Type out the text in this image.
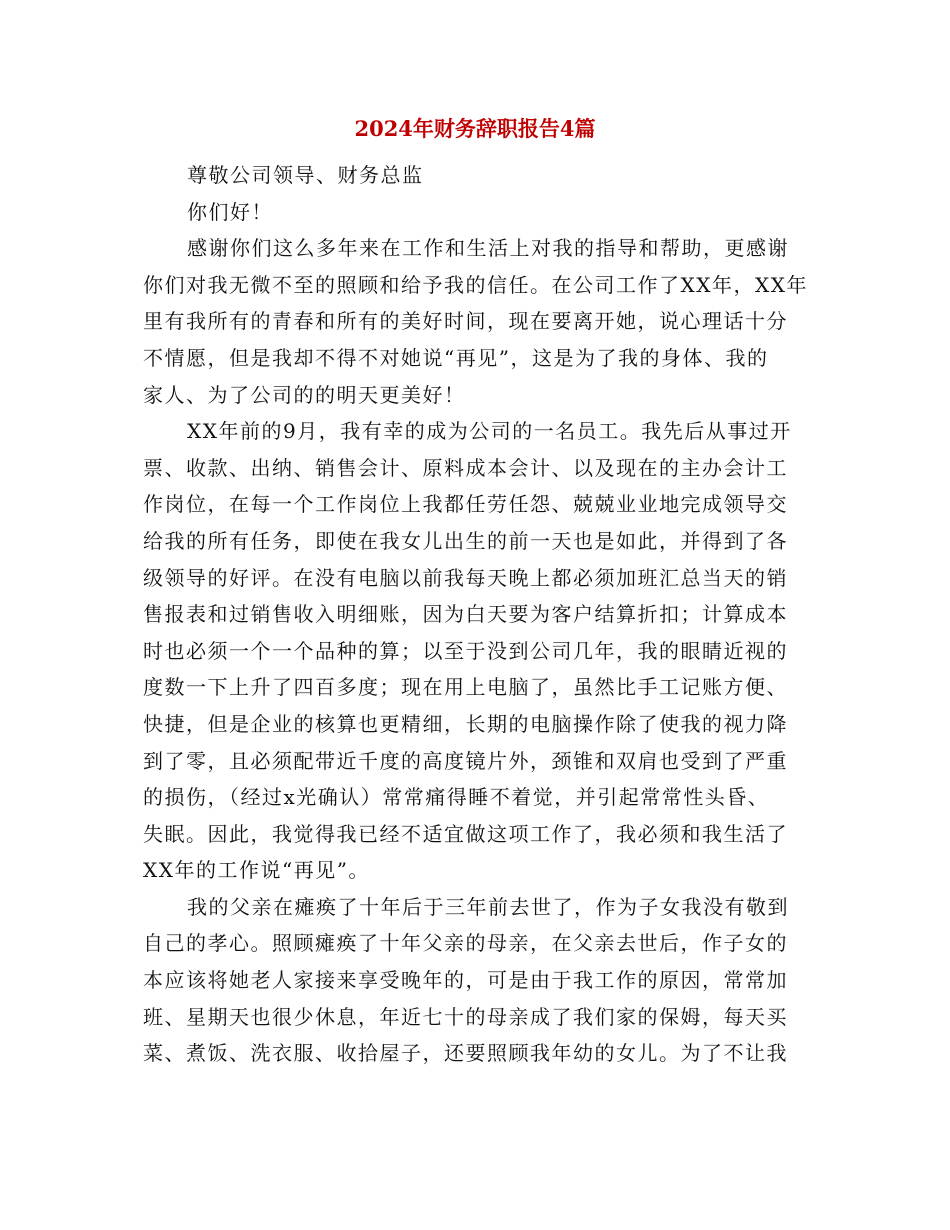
2024年财务辞职报告4篇
尊敬公司领导、财务总监
你们好！
感谢你们这么多年来在工作和生活上对我的指导和帮助，更感谢
你们对我无微不至的照顾和给予我的信任。在公司工作了XX年，XX年
里有我所有的青春和所有的美好时间，现在要离开她，说心理话十分
不情愿，但是我却不得不对她说“再见”，这是为了我的身体、我的
家人、为了公司的的明天更美好！
XX年前的9月，我有幸的成为公司的一名员工。我先后从事过开
票、收款、出纳、销售会计、原料成本会计、以及现在的主办会计工
作岗位，在每一个工作岗位上我都任劳任怨、兢兢业业地完成领导交
给我的所有任务，即使在我女儿出生的前一天也是如此，并得到了各
级领导的好评。在没有电脑以前我每天晚上都必须加班汇总当天的销
售报表和过销售收入明细账，因为白天要为客户结算折扣；计算成本
时也必须一个一个品种的算；以至于没到公司几年，我的眼睛近视的
度数一下上升了四百多度；现在用上电脑了，虽然比手工记账方便、
快捷，但是企业的核算也更精细，长期的电脑操作除了使我的视力降
到了零，且必须配带近千度的高度镜片外，颈锥和双肩也受到了严重
的损伤，（经过x光确认）常常痛得睡不着觉，并引起常常性头昏、
失眠。因此，我觉得我已经不适宜做这项工作了，我必须和我生活了
XX年的工作说“再见”。
我的父亲在瘫痪了十年后于三年前去世了，作为子女我没有敬到
自己的孝心。照顾瘫痪了十年父亲的母亲，在父亲去世后，作子女的
本应该将她老人家接来享受晚年的，可是由于我工作的原因，常常加
班、星期天也很少休息，年近七十的母亲成了我们家的保姆，每天买
菜、煮饭、洗衣服、收拾屋子，还要照顾我年幼的女儿。为了不让我
